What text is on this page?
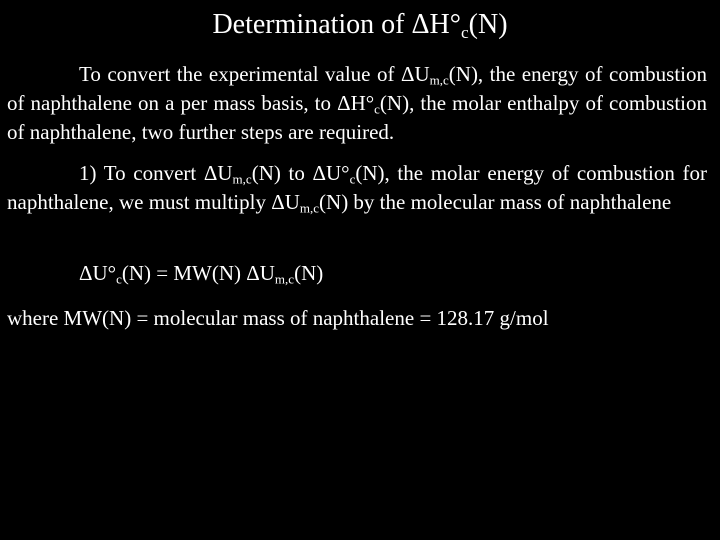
Determination of $\Delta H^\circ_c(N)$
To convert the experimental value of $\Delta U_{m,c}(N)$, the energy of combustion of naphthalene on a per mass basis, to $\Delta H^\circ_c(N)$, the molar enthalpy of combustion of naphthalene, two further steps are required.
1) To convert $\Delta U_{m,c}(N)$ to $\Delta U^\circ_c(N)$, the molar energy of combustion for naphthalene, we must multiply $\Delta U_{m,c}(N)$ by the molecular mass of naphthalene
$\Delta U^\circ_c(N) = MW(N)$ $\Delta U_{m,c}(N)$
where MW(N) = molecular mass of naphthalene = 128.17 g/mol
